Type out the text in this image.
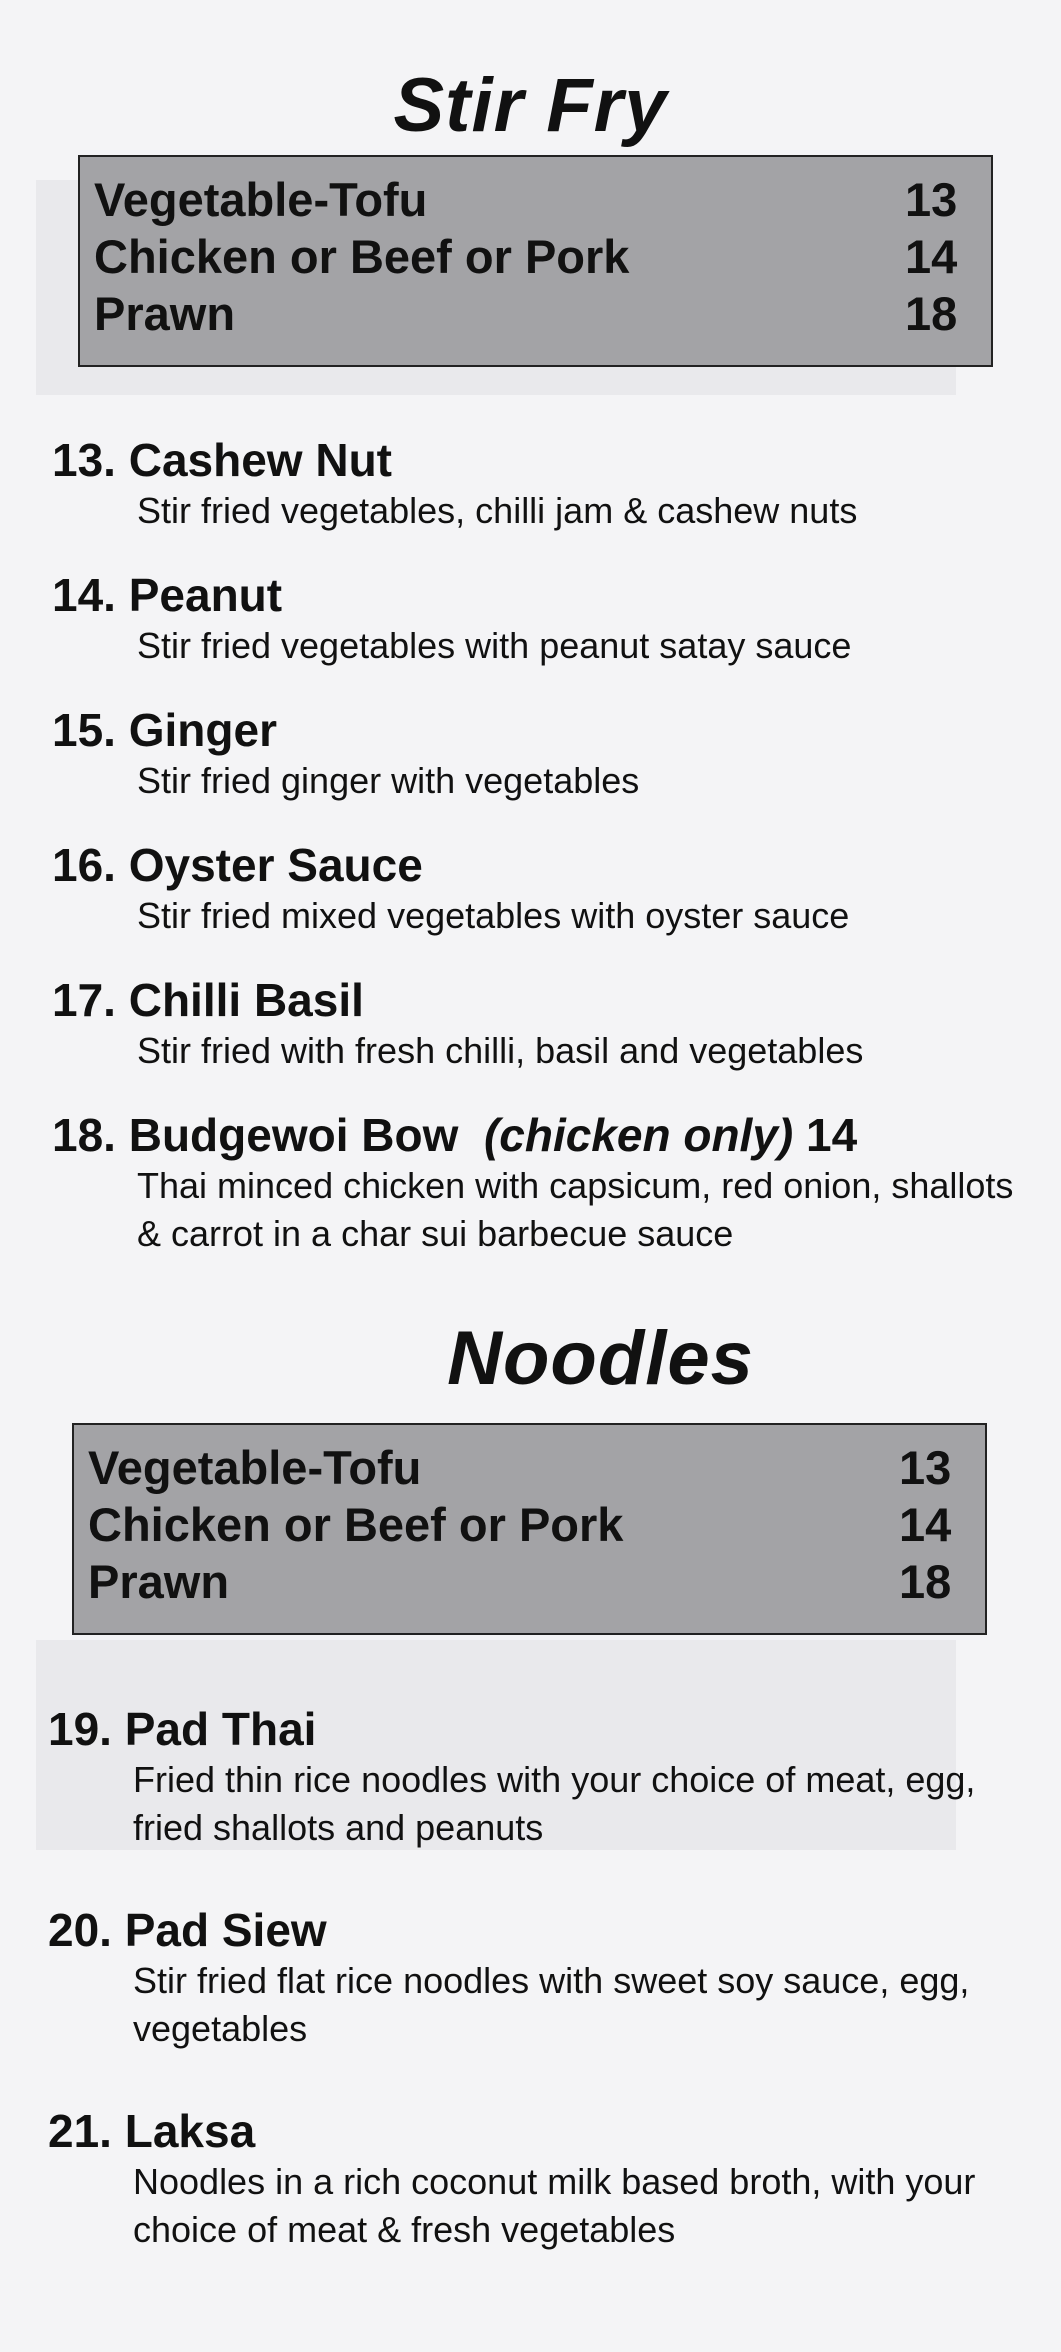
Stir Fry
Vegetable-Tofu	13
Chicken or Beef or Pork	14
Prawn	18

13. Cashew Nut

Stir fried vegetables, chilli jam & cashew nuts

14. Peanut

Stir fried vegetables with peanut satay sauce

15. Ginger

Stir fried ginger with vegetables

16. Oyster Sauce

Stir fried mixed vegetables with oyster sauce

17. Chilli Basil

Stir fried with fresh chilli, basil and vegetables

18. Budgewoi Bow (chicken only) 14

Thai minced chicken with capsicum, red onion, shallots & carrot in a char sui barbecue sauce

Noodles
Vegetable-Tofu	13
Chicken or Beef or Pork	14
Prawn	18

19. Pad Thai

Fried thin rice noodles with your choice of meat, egg, fried shallots and peanuts

20. Pad Siew

Stir fried flat rice noodles with sweet soy sauce, egg, vegetables

21. Laksa

Noodles in a rich coconut milk based broth, with your choice of meat & fresh vegetables
